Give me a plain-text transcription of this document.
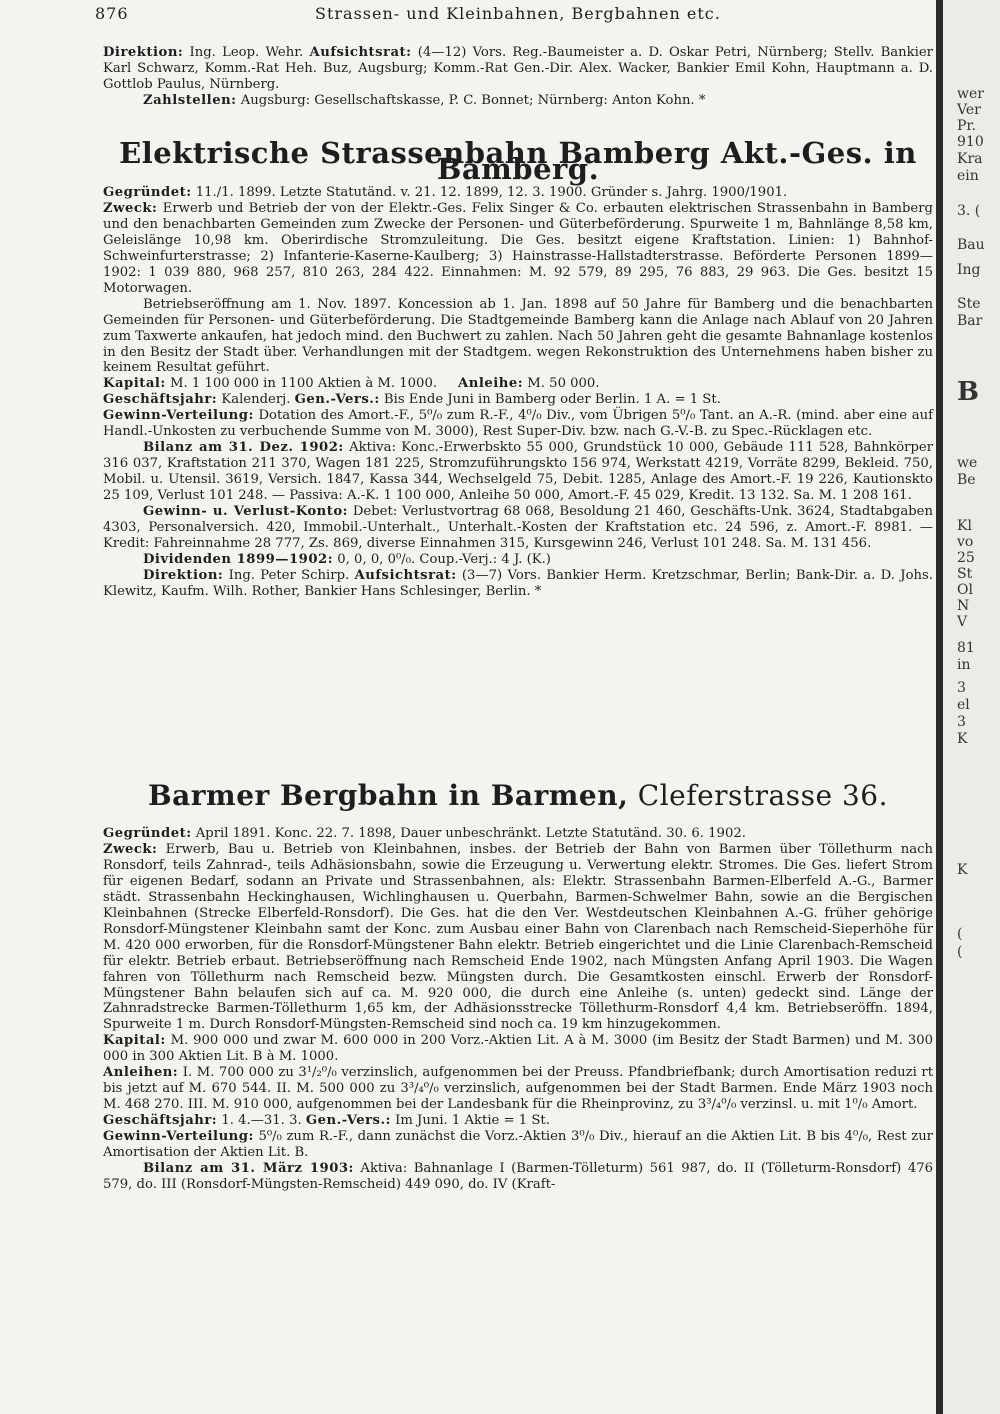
876	Strassen- und Kleinbahnen, Bergbahnen etc.

Direktion: Ing. Leop. Wehr. Aufsichtsrat: (4—12) Vors. Reg.-Baumeister a. D. Oskar Petri, Nürnberg; Stellv. Bankier Karl Schwarz, Komm.-Rat Heh. Buz, Augsburg; Komm.-Rat Gen.-Dir. Alex. Wacker, Bankier Emil Kohn, Hauptmann a. D. Gottlob Paulus, Nürnberg.

Zahlstellen: Augsburg: Gesellschaftskasse, P. C. Bonnet; Nürnberg: Anton Kohn. *

Elektrische Strassenbahn Bamberg Akt.-Ges. in Bamberg.

Gegründet: 11./1. 1899. Letzte Statutänd. v. 21. 12. 1899, 12. 3. 1900. Gründer s. Jahrg. 1900/1901.

Zweck: Erwerb und Betrieb der von der Elektr.-Ges. Felix Singer & Co. erbauten elektrischen Strassenbahn in Bamberg und den benachbarten Gemeinden zum Zwecke der Personen- und Güterbeförderung. Spurweite 1 m, Bahnlänge 8,58 km, Geleislänge 10,98 km. Oberirdische Stromzuleitung. Die Ges. besitzt eigene Kraftstation. Linien: 1) Bahnhof-Schweinfurterstrasse; 2) Infanterie-Kaserne-Kaulberg; 3) Hainstrasse-Hallstadterstrasse. Beförderte Personen 1899—1902: 1 039 880, 968 257, 810 263, 284 422. Einnahmen: M. 92 579, 89 295, 76 883, 29 963. Die Ges. besitzt 15 Motorwagen.

Betriebseröffnung am 1. Nov. 1897. Koncession ab 1. Jan. 1898 auf 50 Jahre für Bamberg und die benachbarten Gemeinden für Personen- und Güterbeförderung. Die Stadtgemeinde Bamberg kann die Anlage nach Ablauf von 20 Jahren zum Taxwerte ankaufen, hat jedoch mind. den Buchwert zu zahlen. Nach 50 Jahren geht die gesamte Bahnanlage kostenlos in den Besitz der Stadt über. Verhandlungen mit der Stadtgem. wegen Rekonstruktion des Unternehmens haben bisher zu keinem Resultat geführt.

Kapital: M. 1 100 000 in 1100 Aktien à M. 1000. Anleihe: M. 50 000.

Geschäftsjahr: Kalenderj. Gen.-Vers.: Bis Ende Juni in Bamberg oder Berlin. 1 A. = 1 St.

Gewinn-Verteilung: Dotation des Amort.-F., 5⁰/₀ zum R.-F., 4⁰/₀ Div., vom Übrigen 5⁰/₀ Tant. an A.-R. (mind. aber eine auf Handl.-Unkosten zu verbuchende Summe von M. 3000), Rest Super-Div. bzw. nach G.-V.-B. zu Spec.-Rücklagen etc.

Bilanz am 31. Dez. 1902: Aktiva: Konc.-Erwerbskto 55 000, Grundstück 10 000, Gebäude 111 528, Bahnkörper 316 037, Kraftstation 211 370, Wagen 181 225, Stromzuführungskto 156 974, Werkstatt 4219, Vorräte 8299, Bekleid. 750, Mobil. u. Utensil. 3619, Versich. 1847, Kassa 344, Wechselgeld 75, Debit. 1285, Anlage des Amort.-F. 19 226, Kautionskto 25 109, Verlust 101 248. — Passiva: A.-K. 1 100 000, Anleihe 50 000, Amort.-F. 45 029, Kredit. 13 132. Sa. M. 1 208 161.

Gewinn- u. Verlust-Konto: Debet: Verlustvortrag 68 068, Besoldung 21 460, Geschäfts-Unk. 3624, Stadtabgaben 4303, Personalversich. 420, Immobil.-Unterhalt., Unterhalt.-Kosten der Kraftstation etc. 24 596, z. Amort.-F. 8981. — Kredit: Fahreinnahme 28 777, Zs. 869, diverse Einnahmen 315, Kursgewinn 246, Verlust 101 248. Sa. M. 131 456.

Dividenden 1899—1902: 0, 0, 0, 0⁰/₀. Coup.-Verj.: 4 J. (K.)

Direktion: Ing. Peter Schirp. Aufsichtsrat: (3—7) Vors. Bankier Herm. Kretzschmar, Berlin; Bank-Dir. a. D. Johs. Klewitz, Kaufm. Wilh. Rother, Bankier Hans Schlesinger, Berlin. *

Barmer Bergbahn in Barmen, Cleferstrasse 36.

Gegründet: April 1891. Konc. 22. 7. 1898, Dauer unbeschränkt. Letzte Statutänd. 30. 6. 1902.

Zweck: Erwerb, Bau u. Betrieb von Kleinbahnen, insbes. der Betrieb der Bahn von Barmen über Töllethurm nach Ronsdorf, teils Zahnrad-, teils Adhäsionsbahn, sowie die Erzeugung u. Verwertung elektr. Stromes. Die Ges. liefert Strom für eigenen Bedarf, sodann an Private und Strassenbahnen, als: Elektr. Strassenbahn Barmen-Elberfeld A.-G., Barmer städt. Strassenbahn Heckinghausen, Wichlinghausen u. Querbahn, Barmen-Schwelmer Bahn, sowie an die Bergischen Kleinbahnen (Strecke Elberfeld-Ronsdorf). Die Ges. hat die den Ver. Westdeutschen Kleinbahnen A.-G. früher gehörige Ronsdorf-Müngstener Kleinbahn samt der Konc. zum Ausbau einer Bahn von Clarenbach nach Remscheid-Sieperhöhe für M. 420 000 erworben, für die Ronsdorf-Müngstener Bahn elektr. Betrieb eingerichtet und die Linie Clarenbach-Remscheid für elektr. Betrieb erbaut. Betriebseröffnung nach Remscheid Ende 1902, nach Müngsten Anfang April 1903. Die Wagen fahren von Töllethurm nach Remscheid bezw. Müngsten durch. Die Gesamtkosten einschl. Erwerb der Ronsdorf-Müngstener Bahn belaufen sich auf ca. M. 920 000, die durch eine Anleihe (s. unten) gedeckt sind. Länge der Zahnradstrecke Barmen-Töllethurm 1,65 km, der Adhäsionsstrecke Töllethurm-Ronsdorf 4,4 km. Betriebseröffn. 1894, Spurweite 1 m. Durch Ronsdorf-Müngsten-Remscheid sind noch ca. 19 km hinzugekommen.

Kapital: M. 900 000 und zwar M. 600 000 in 200 Vorz.-Aktien Lit. A à M. 3000 (im Besitz der Stadt Barmen) und M. 300 000 in 300 Aktien Lit. B à M. 1000.

Anleihen: I. M. 700 000 zu 3¹/₂⁰/₀ verzinslich, aufgenommen bei der Preuss. Pfandbriefbank; durch Amortisation reduzi rt bis jetzt auf M. 670 544. II. M. 500 000 zu 3³/₄⁰/₀ verzinslich, aufgenommen bei der Stadt Barmen. Ende März 1903 noch M. 468 270. III. M. 910 000, aufgenommen bei der Landesbank für die Rheinprovinz, zu 3³/₄⁰/₀ verzinsl. u. mit 1⁰/₀ Amort.

Geschäftsjahr: 1. 4.—31. 3. Gen.-Vers.: Im Juni. 1 Aktie = 1 St.

Gewinn-Verteilung: 5⁰/₀ zum R.-F., dann zunächst die Vorz.-Aktien 3⁰/₀ Div., hierauf an die Aktien Lit. B bis 4⁰/₀, Rest zur Amortisation der Aktien Lit. B.

Bilanz am 31. März 1903: Aktiva: Bahnanlage I (Barmen-Tölleturm) 561 987, do. II (Tölleturm-Ronsdorf) 476 579, do. III (Ronsdorf-Müngsten-Remscheid) 449 090, do. IV (Kraft-

wer
Ver
Pr.
910
Kra
ein
3. (
Bau
Ing
Ste
Bar
B
we
Be
Kl
vo
25
St
Ol
N
V
81
in
3
el
3
K
K
(
(
